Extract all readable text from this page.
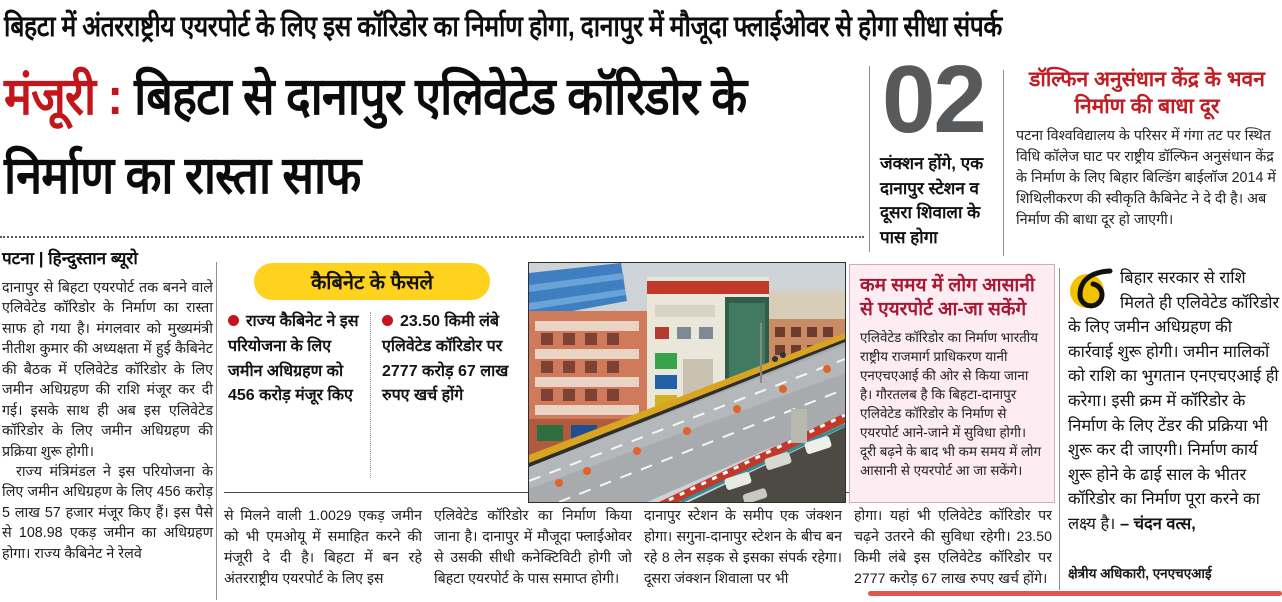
बिहटा में अंतरराष्ट्रीय एयरपोर्ट के लिए इस कॉरिडोर का निर्माण होगा, दानापुर में मौजूदा फ्लाईओवर से होगा सीधा संपर्क
मंजूरी : बिहटा से दानापुर एलिवेटेड कॉरिडोर के निर्माण का रास्ता साफ
02
जंक्शन होंगे, एक दानापुर स्टेशन व दूसरा शिवाला के पास होगा
डॉल्फिन अनुसंधान केंद्र के भवन निर्माण की बाधा दूर
पटना विश्वविद्यालय के परिसर में गंगा तट पर स्थित विधि कॉलेज घाट पर राष्ट्रीय डॉल्फिन अनुसंधान केंद्र के निर्माण के लिए बिहार बिल्डिंग बाईलॉज 2014 में शिथिलीकरण की स्वीकृति कैबिनेट ने दे दी है। अब निर्माण की बाधा दूर हो जाएगी।
पटना | हिन्दुस्तान ब्यूरो

दानापुर से बिहटा एयरपोर्ट तक बनने वाले एलिवेटेड कॉरिडोर के निर्माण का रास्ता साफ हो गया है। मंगलवार को मुख्यमंत्री नीतीश कुमार की अध्यक्षता में हुई कैबिनेट की बैठक में एलिवेटेड कॉरिडोर के लिए जमीन अधिग्रहण की राशि मंजूर कर दी गई। इसके साथ ही अब इस एलिवेटेड कॉरिडोर के लिए जमीन अधिग्रहण की प्रक्रिया शुरू होगी।

राज्य मंत्रिमंडल ने इस परियोजना के लिए जमीन अधिग्रहण के लिए 456 करोड़ 5 लाख 57 हजार मंजूर किए हैं। इस पैसे से 108.98 एकड़ जमीन का अधिग्रहण होगा। राज्य कैबिनेट ने रेलवे

कैबिनेट के फैसले
राज्य कैबिनेट ने इस परियोजना के लिए जमीन अधिग्रहण को 456 करोड़ मंजूर किए
23.50 किमी लंबे एलिवेटेड कॉरिडोर पर 2777 करोड़ 67 लाख रुपए खर्च होंगे
कम समय में लोग आसानी से एयरपोर्ट आ-जा सकेंगे

एलिवेटेड कॉरिडोर का निर्माण भारतीय राष्ट्रीय राजमार्ग प्राधिकरण यानी एनएचएआई की ओर से किया जाना है। गौरतलब है कि बिहटा-दानापुर एलिवेटेड कॉरिडोर के निर्माण से एयरपोर्ट आने-जाने में सुविधा होगी। दूरी बढ़ने के बाद भी कम समय में लोग आसानी से एयरपोर्ट आ जा सकेंगे।

बिहार सरकार से राशि मिलते ही एलिवेटेड कॉरिडोर के लिए जमीन अधिग्रहण की कार्रवाई शुरू होगी। जमीन मालिकों को राशि का भुगतान एनएचएआई ही करेगा। इसी क्रम में कॉरिडोर के निर्माण के लिए टेंडर की प्रक्रिया भी शुरू कर दी जाएगी। निर्माण कार्य शुरू होने के ढाई साल के भीतर कॉरिडोर का निर्माण पूरा करने का लक्ष्य है। – चंदन वत्स,
क्षेत्रीय अधिकारी, एनएचएआई
से मिलने वाली 1.0029 एकड़ जमीन को भी एमओयू में समाहित करने की मंजूरी दे दी है। बिहटा में बन रहे अंतरराष्ट्रीय एयरपोर्ट के लिए इस
एलिवेटेड कॉरिडोर का निर्माण किया जाना है। दानापुर में मौजूदा फ्लाईओवर से उसकी सीधी कनेक्टिविटी होगी जो बिहटा एयरपोर्ट के पास समाप्त होगी।
दानापुर स्टेशन के समीप एक जंक्शन होगा। सगुना-दानापुर स्टेशन के बीच बन रहे 8 लेन सड़क से इसका संपर्क रहेगा। दूसरा जंक्शन शिवाला पर भी
होगा। यहां भी एलिवेटेड कॉरिडोर पर चढ़ने उतरने की सुविधा रहेगी। 23.50 किमी लंबे इस एलिवेटेड कॉरिडोर पर 2777 करोड़ 67 लाख रुपए खर्च होंगे।
